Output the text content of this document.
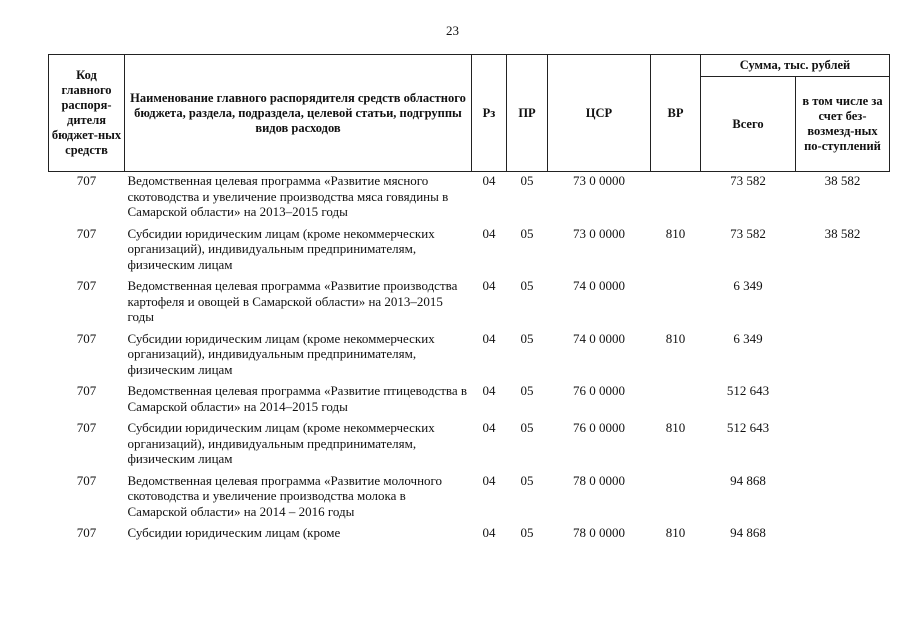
23
Код главного распоря-дителя бюджет-ных средств	Наименование главного распорядителя средств областного бюджета, раздела, подраздела, целевой статьи, подгруппы видов расходов	Рз	ПР	ЦСР	ВР	Сумма, тыс. рублей	
						Всего	в том числе за счет без-возмезд-ных по-ступлений
707	Ведомственная целевая программа «Развитие мясного скотоводства и увеличение производства мяса говядины в Самарской области» на 2013–2015 годы	04	05	73 0 0000		73 582	38 582
707	Субсидии юридическим лицам (кроме некоммерческих организаций), индивидуальным предпринимателям, физическим лицам	04	05	73 0 0000	810	73 582	38 582
707	Ведомственная целевая программа «Развитие производства картофеля и овощей в Самарской области» на 2013–2015 годы	04	05	74 0 0000		6 349	
707	Субсидии юридическим лицам (кроме некоммерческих организаций), индивидуальным предпринимателям, физическим лицам	04	05	74 0 0000	810	6 349	
707	Ведомственная целевая программа «Развитие птицеводства в Самарской области» на 2014–2015 годы	04	05	76 0 0000		512 643	
707	Субсидии юридическим лицам (кроме некоммерческих организаций), индивидуальным предпринимателям, физическим лицам	04	05	76 0 0000	810	512 643	
707	Ведомственная целевая программа «Развитие молочного скотоводства и увеличение производства молока в Самарской области» на 2014 – 2016 годы	04	05	78 0 0000		94 868	
707	Субсидии юридическим лицам (кроме	04	05	78 0 0000	810	94 868	
